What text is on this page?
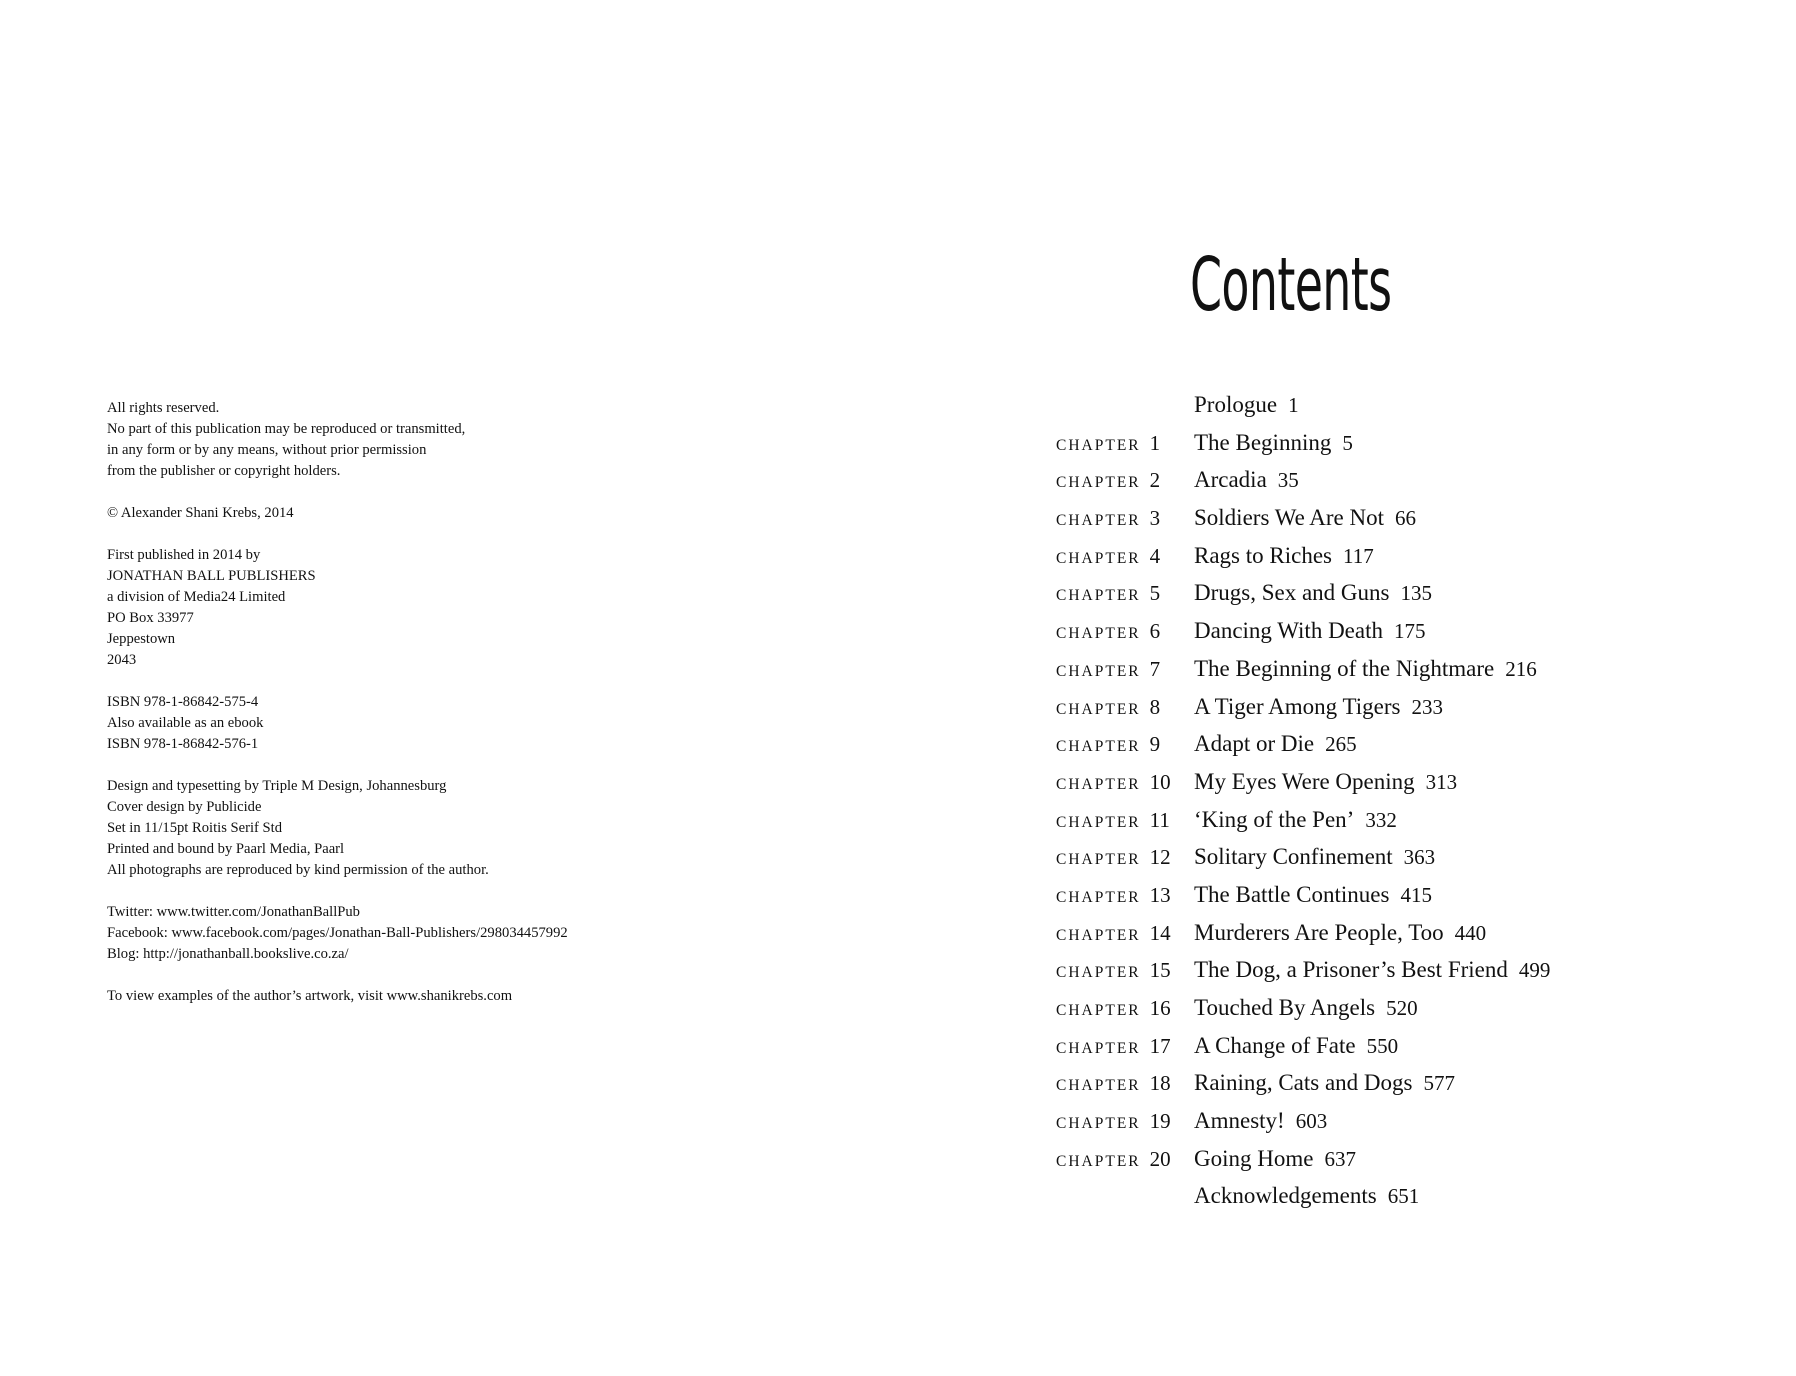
All rights reserved.
No part of this publication may be reproduced or transmitted,
in any form or by any means, without prior permission
from the publisher or copyright holders.
© Alexander Shani Krebs, 2014
First published in 2014 by
JONATHAN BALL PUBLISHERS
a division of Media24 Limited
PO Box 33977
Jeppestown
2043
ISBN 978-1-86842-575-4
Also available as an ebook
ISBN 978-1-86842-576-1
Design and typesetting by Triple M Design, Johannesburg
Cover design by Publicide
Set in 11/15pt Roitis Serif Std
Printed and bound by Paarl Media, Paarl
All photographs are reproduced by kind permission of the author.
Twitter: www.twitter.com/JonathanBallPub
Facebook: www.facebook.com/pages/Jonathan-Ball-Publishers/298034457992
Blog: http://jonathanball.bookslive.co.za/
To view examples of the author’s artwork, visit www.shanikrebs.com
Contents
Prologue 1
CHAPTER 1	The Beginning 5
CHAPTER 2	Arcadia 35
CHAPTER 3	Soldiers We Are Not 66
CHAPTER 4	Rags to Riches 117
CHAPTER 5	Drugs, Sex and Guns 135
CHAPTER 6	Dancing With Death 175
CHAPTER 7	The Beginning of the Nightmare 216
CHAPTER 8	A Tiger Among Tigers 233
CHAPTER 9	Adapt or Die 265
CHAPTER 10	My Eyes Were Opening 313
CHAPTER 11	‘King of the Pen’ 332
CHAPTER 12	Solitary Confinement 363
CHAPTER 13	The Battle Continues 415
CHAPTER 14	Murderers Are People, Too 440
CHAPTER 15	The Dog, a Prisoner’s Best Friend 499
CHAPTER 16	Touched By Angels 520
CHAPTER 17	A Change of Fate 550
CHAPTER 18	Raining, Cats and Dogs 577
CHAPTER 19	Amnesty! 603
CHAPTER 20	Going Home 637
Acknowledgements 651
